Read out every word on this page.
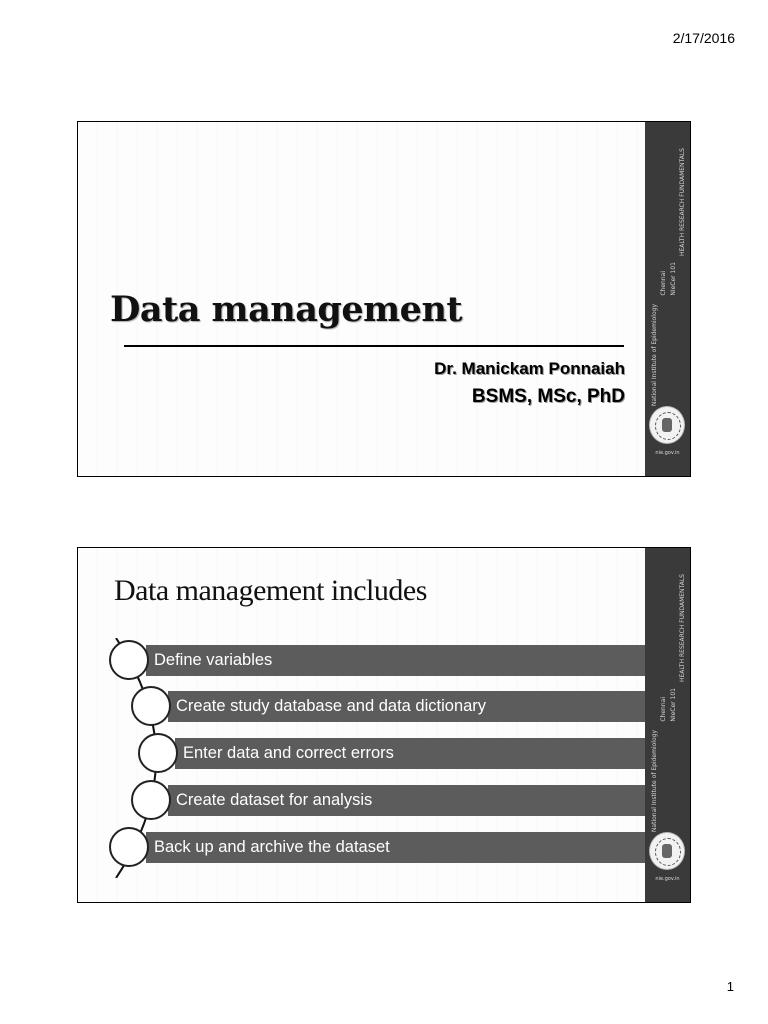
2/17/2016
Data management
Dr. Manickam Ponnaiah
BSMS, MSc, PhD	National Institute of Epidemiology
Chennai NIeCer 101
HEALTH RESEARCH FUNDAMENTALS
nie.gov.in
Data management includes
Define variables
Create study database and data dictionary
Enter data and correct errors
Create dataset for analysis
Back up and archive the dataset
National Institute of Epidemiology
Chennai NIeCer 101
HEALTH RESEARCH FUNDAMENTALS
nie.gov.in
1
